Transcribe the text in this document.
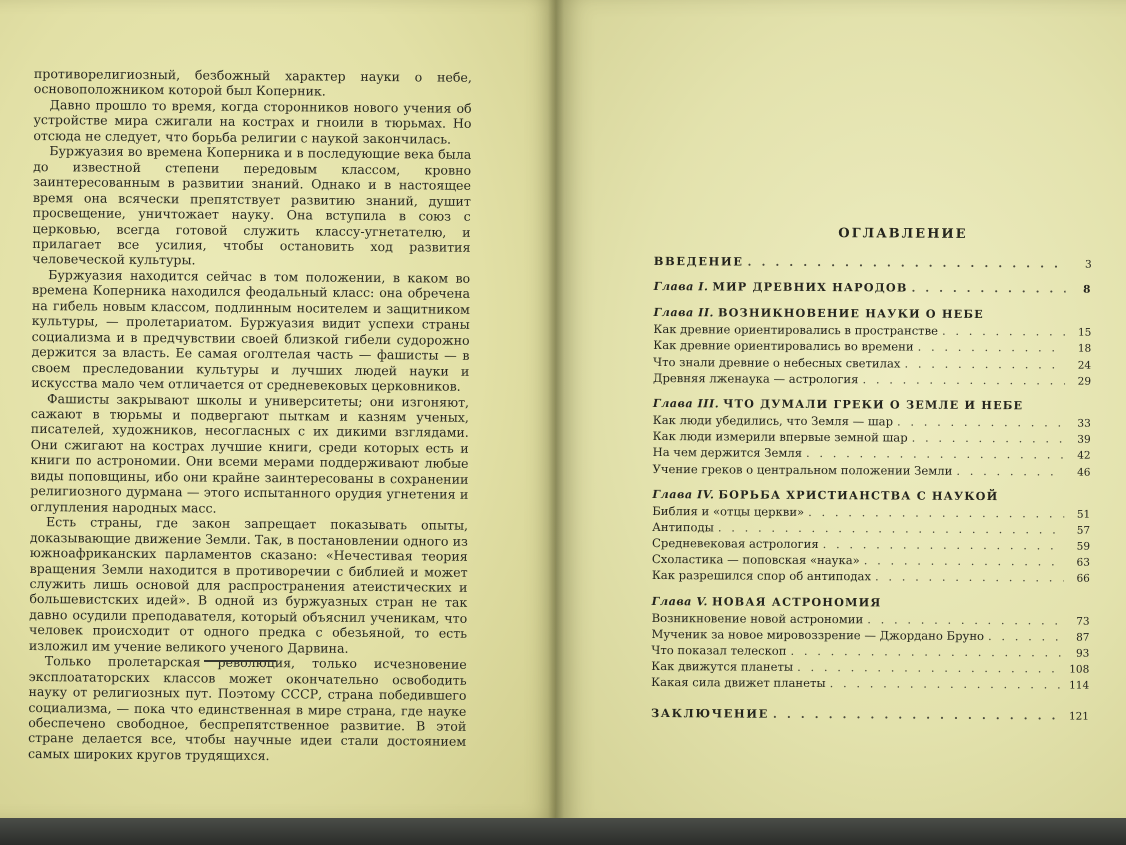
противорелигиозный, безбожный характер науки о небе, основоположником которой был Коперник.

Давно прошло то время, когда сторонников нового учения об устройстве мира сжигали на кострах и гноили в тюрьмах. Но отсюда не следует, что борьба религии с наукой закончилась.

Буржуазия во времена Коперника и в последующие века была до известной степени передовым классом, кровно заинтересованным в развитии знаний. Однако и в настоящее время она всячески препятствует развитию знаний, душит просвещение, уничтожает науку. Она вступила в союз с церковью, всегда готовой служить классу-угнетателю, и прилагает все усилия, чтобы остановить ход развития человеческой культуры.

Буржуазия находится сейчас в том положении, в каком во времена Коперника находился феодальный класс: она обречена на гибель новым классом, подлинным носителем и защитником культуры, — пролетариатом. Буржуазия видит успехи страны социализма и в предчувствии своей близкой гибели судорожно держится за власть. Ее самая оголтелая часть — фашисты — в своем преследовании культуры и лучших людей науки и искусства мало чем отличается от средневековых церковников.

Фашисты закрывают школы и университеты; они изгоняют, сажают в тюрьмы и подвергают пыткам и казням ученых, писателей, художников, несогласных с их дикими взглядами. Они сжигают на кострах лучшие книги, среди которых есть и книги по астрономии. Они всеми мерами поддерживают любые виды поповщины, ибо они крайне заинтересованы в сохранении религиозного дурмана — этого испытанного орудия угнетения и оглупления народных масс.

Есть страны, где закон запрещает показывать опыты, доказывающие движение Земли. Так, в постановлении одного из южноафриканских парламентов сказано: «Нечестивая теория вращения Земли находится в противоречии с библией и может служить лишь основой для распространения атеистических и большевистских идей». В одной из буржуазных стран не так давно осудили преподавателя, который объяснил ученикам, что человек происходит от одного предка с обезьяной, то есть изложил им учение великого ученого Дарвина.

Только пролетарская революция, только исчезновение эксплоататорских классов может окончательно освободить науку от религиозных пут. Поэтому СССР, страна победившего социализма, — пока что единственная в мире страна, где науке обеспечено свободное, беспрепятственное развитие. В этой стране делается все, чтобы научные идеи стали достоянием самых широких кругов трудящихся.

ОГЛАВЛЕНИЕ
ВВЕДЕНИЕ . . .	3
Глава I. МИР ДРЕВНИХ НАРОДОВ . . .	8
Глава II. ВОЗНИКНОВЕНИЕ НАУКИ О НЕБЕ
Как древние ориентировались в пространстве . . .	15
Как древние ориентировались во времени . . .	18
Что знали древние о небесных светилах . . .	24
Древняя лженаука — астрология . . .	29
Глава III. ЧТО ДУМАЛИ ГРЕКИ О ЗЕМЛЕ И НЕБЕ
Как люди убедились, что Земля — шар . . .	33
Как люди измерили впервые земной шар . . .	39
На чем держится Земля . . .	42
Учение греков о центральном положении Земли . . .	46
Глава IV. БОРЬБА ХРИСТИАНСТВА С НАУКОЙ
Библия и «отцы церкви» . . .	51
Антиподы . . .	57
Средневековая астрология . . .	59
Схоластика — поповская «наука» . . .	63
Как разрешился спор об антиподах . . .	66
Глава V. НОВАЯ АСТРОНОМИЯ
Возникновение новой астрономии . . .	73
Мученик за новое мировоззрение — Джордано Бруно . . .	87
Что показал телескоп . . .	93
Как движутся планеты . . .	108
Какая сила движет планеты . . .	114
ЗАКЛЮЧЕНИЕ . . .	121
